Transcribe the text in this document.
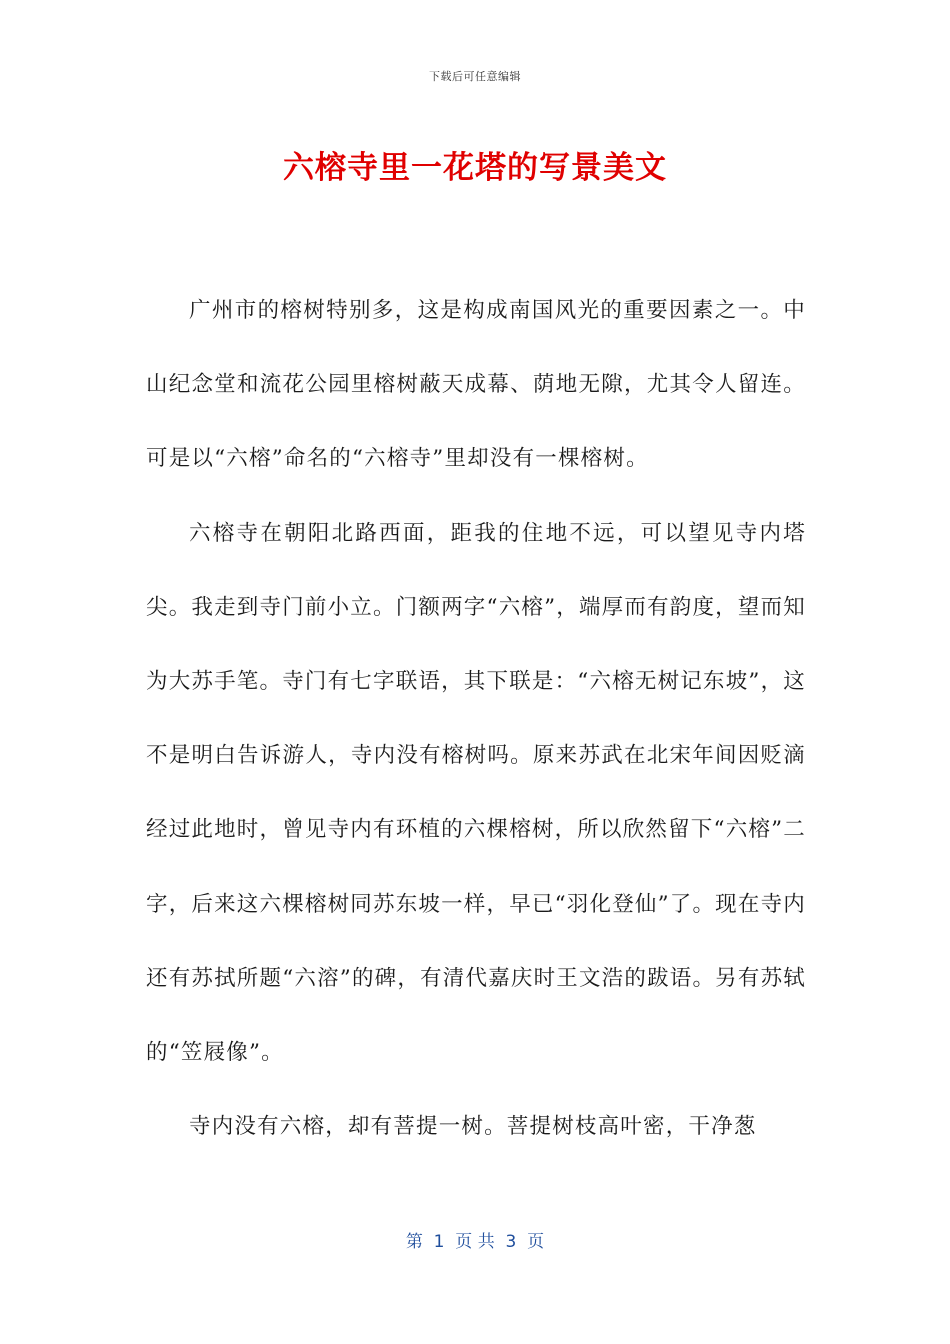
下载后可任意编辑
六榕寺里一花塔的写景美文

广州市的榕树特别多，这是构成南国风光的重要因素之一。中山纪念堂和流花公园里榕树蔽天成幕、荫地无隙，尤其令人留连。可是以“六榕”命名的“六榕寺”里却没有一棵榕树。

六榕寺在朝阳北路西面，距我的住地不远，可以望见寺内塔尖。我走到寺门前小立。门额两字“六榕”，端厚而有韵度，望而知为大苏手笔。寺门有七字联语，其下联是：“六榕无树记东坡”，这不是明白告诉游人，寺内没有榕树吗。原来苏武在北宋年间因贬滴经过此地时，曾见寺内有环植的六棵榕树，所以欣然留下“六榕”二字，后来这六棵榕树同苏东坡一样，早已“羽化登仙”了。现在寺内还有苏拭所题“六溶”的碑，有清代嘉庆时王文浩的跋语。另有苏轼的“笠屐像”。

寺内没有六榕，却有菩提一树。菩提树枝高叶密，干净葱

第  1  页 共  3  页
